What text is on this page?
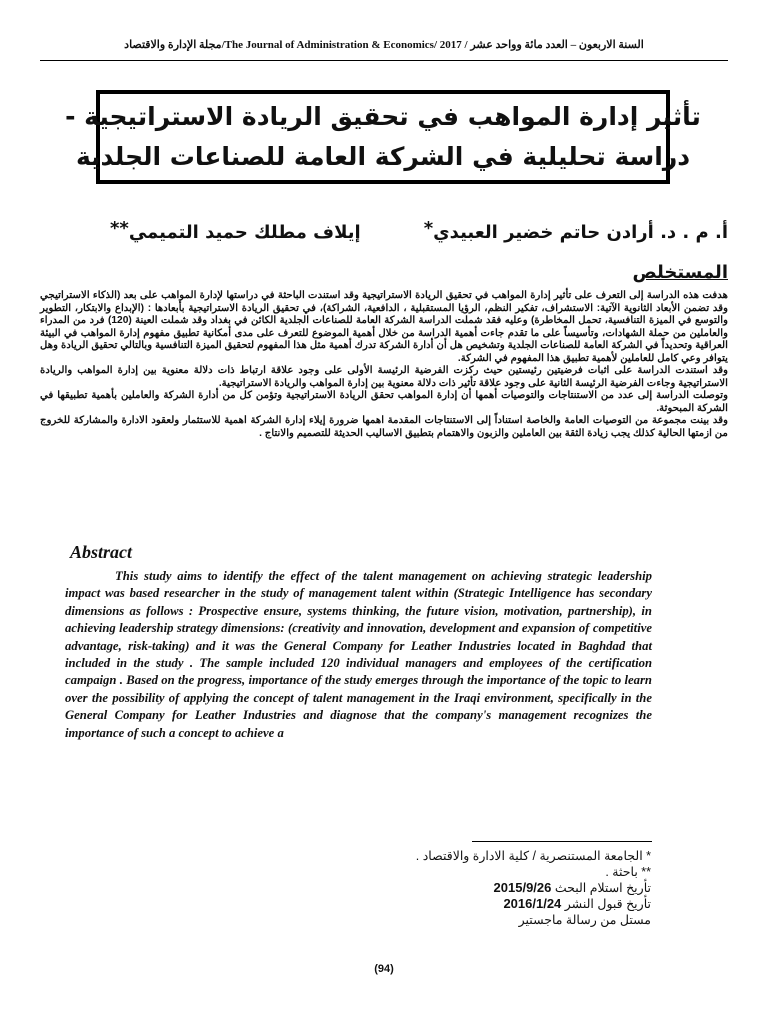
مجلة الإدارة والاقتصاد/The Journal of Administration & Economics/ السنة الاربعون – العدد مائة وواحد عشر / 2017
تأثير إدارة المواهب في تحقيق الريادة الاستراتيجية -
دراسة تحليلية في الشركة العامة للصناعات الجلدية
أ. م . د. أرادن حاتم خضير العبيدي*
إيلاف مطلك حميد التميمي**
المستخلص

هدفت هذه الدراسة إلى التعرف على تأثير إدارة المواهب في تحقيق الريادة الاستراتيجية وقد استندت الباحثة في دراستها لإدارة المواهب على بعد (الذكاء الاستراتيجي وقد تضمن الأبعاد الثانوية الآتية: الاستشراف، تفكير النظم، الرؤيا المستقبلية ، الدافعية، الشراكة)، في تحقيق الريادة الاستراتيجية بأبعادها : (الإبداع والابتكار، التطوير والتوسع في الميزة التنافسية، تحمل المخاطرة) وعليه فقد شملت الدراسة الشركة العامة للصناعات الجلدية الكائن في بغداد وقد شملت العينة (120) فرد من المدراء والعاملين من حملة الشهادات، وتأسيساً على ما تقدم جاءت أهمية الدراسة من خلال أهمية الموضوع للتعرف على مدى أمكانية تطبيق مفهوم إدارة المواهب في البيئة العراقية وتحديداً في الشركة العامة للصناعات الجلدية وتشخيص هل أن أدارة الشركة تدرك أهمية مثل هذا المفهوم لتحقيق الميزة التنافسية وبالتالي تحقيق الريادة وهل يتوافر وعي كامل للعاملين لأهمية تطبيق هذا المفهوم في الشركة.

وقد استندت الدراسة على اثبات فرضيتين رئيستين حيث ركزت الفرضية الرئيسة الأولى على وجود علاقة ارتباط ذات دلالة معنوية بين إدارة المواهب والريادة الاستراتيجية وجاءت الفرضية الرئيسة الثانية على وجود علاقة تأثير ذات دلالة معنوية بين إدارة المواهب والريادة الاستراتيجية.

وتوصلت الدراسة إلى عدد من الاستنتاجات والتوصيات أهمها أن إدارة المواهب تحقق الريادة الاستراتيجية وتؤمن كل من أدارة الشركة والعاملين بأهمية تطبيقها في الشركة المبحوثة.

وقد بينت مجموعة من التوصيات العامة والخاصة استناداً إلى الاستنتاجات المقدمة اهمها ضرورة إيلاء إدارة الشركة اهمية للاستثمار ولعقود الادارة والمشاركة للخروج من ازمتها الحالية كذلك يجب زيادة الثقة بين العاملين والزبون والاهتمام بتطبيق الاساليب الحديثة للتصميم والانتاج .

Abstract

This study aims to identify the effect of the talent management on achieving strategic leadership impact was based researcher in the study of management talent within (Strategic Intelligence has secondary dimensions as follows : Prospective ensure, systems thinking, the future vision, motivation, partnership), in achieving leadership strategy dimensions: (creativity and innovation, development and expansion of competitive advantage, risk-taking) and it was the General Company for Leather Industries located in Baghdad that included in the study . The sample included 120 individual managers and employees of the certification campaign . Based on the progress, importance of the study emerges through the importance of the topic to learn over the possibility of applying the concept of talent management in the Iraqi environment, specifically in the General Company for Leather Industries and diagnose that the company's management recognizes the importance of such a concept to achieve a

* الجامعة المستنصرية / كلية الادارة والاقتصاد .
** باحثة .
تأريخ استلام البحث 2015/9/26
تأريخ قبول النشر 2016/1/24
مستل من رسالة ماجستير
(94)
